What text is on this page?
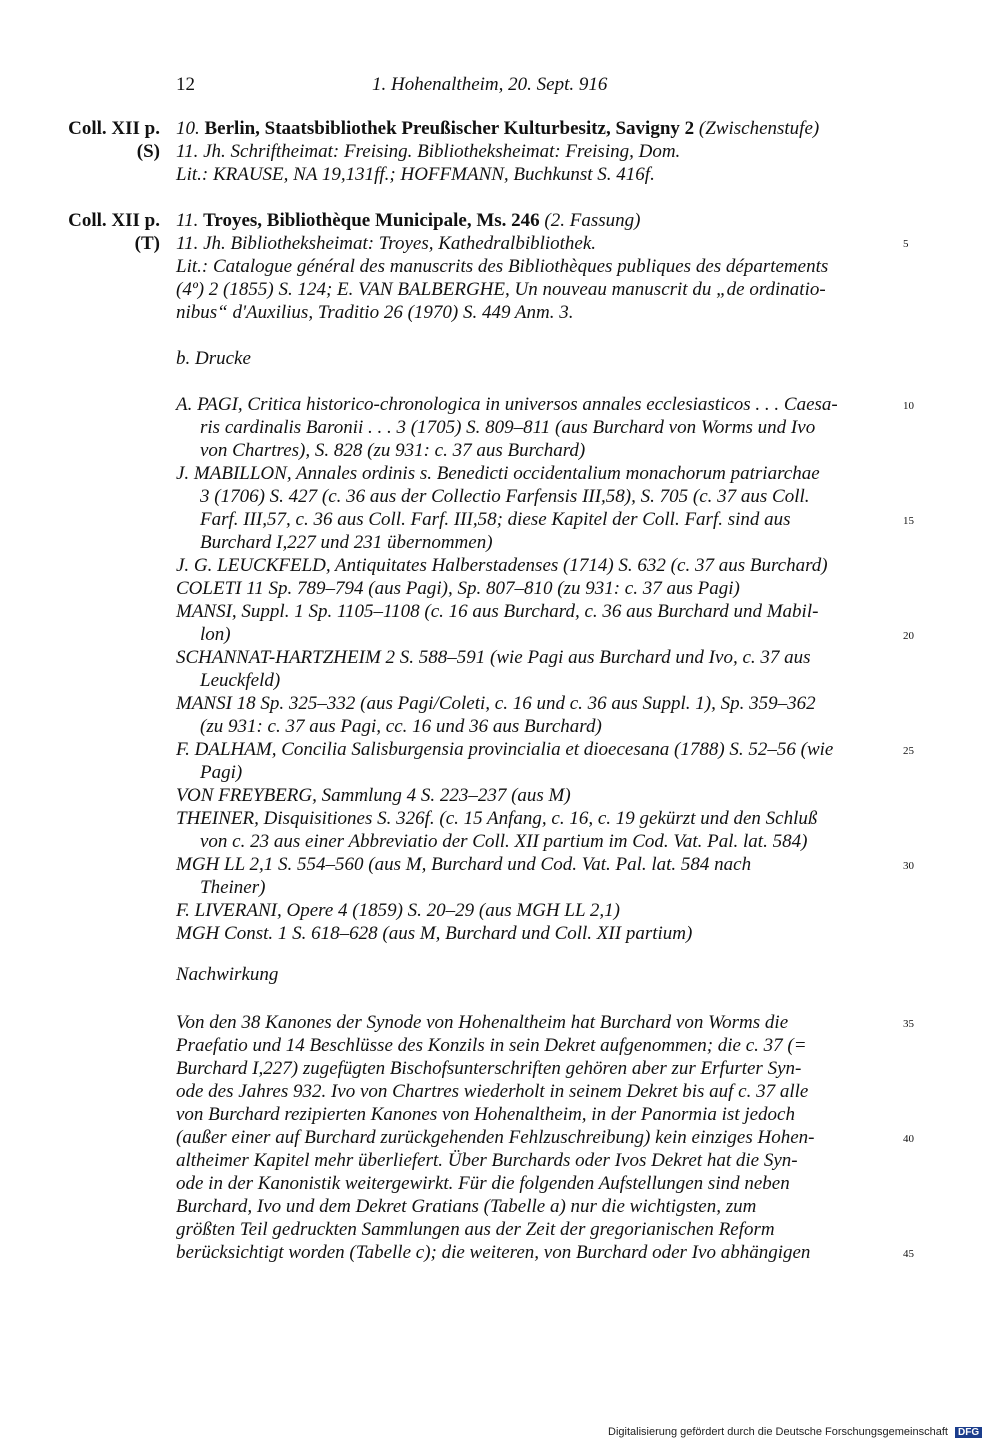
12	1. Hohenaltheim, 20. Sept. 916
Coll. XII p.
(S)
10. Berlin, Staatsbibliothek Preußischer Kulturbesitz, Savigny 2 (Zwischenstufe)
11. Jh. Schriftheimat: Freising. Bibliotheksheimat: Freising, Dom.
Lit.: KRAUSE, NA 19,131ff.; HOFFMANN, Buchkunst S. 416f.
Coll. XII p.
(T)
11. Troyes, Bibliothèque Municipale, Ms. 246 (2. Fassung)
11. Jh. Bibliotheksheimat: Troyes, Kathedralbibliothek.
Lit.: Catalogue général des manuscrits des Bibliothèques publiques des départements
(4º) 2 (1855) S. 124; E. VAN BALBERGHE, Un nouveau manuscrit du „de ordinatio-
nibus“ d'Auxilius, Traditio 26 (1970) S. 449 Anm. 3.
b. Drucke
A. PAGI, Critica historico-chronologica in universos annales ecclesiasticos . . . Caesa-
ris cardinalis Baronii . . . 3 (1705) S. 809–811 (aus Burchard von Worms und Ivo
von Chartres), S. 828 (zu 931: c. 37 aus Burchard)
J. MABILLON, Annales ordinis s. Benedicti occidentalium monachorum patriarchae
3 (1706) S. 427 (c. 36 aus der Collectio Farfensis III,58), S. 705 (c. 37 aus Coll.
Farf. III,57, c. 36 aus Coll. Farf. III,58; diese Kapitel der Coll. Farf. sind aus
Burchard I,227 und 231 übernommen)
J. G. LEUCKFELD, Antiquitates Halberstadenses (1714) S. 632 (c. 37 aus Burchard)
COLETI 11 Sp. 789–794 (aus Pagi), Sp. 807–810 (zu 931: c. 37 aus Pagi)
MANSI, Suppl. 1 Sp. 1105–1108 (c. 16 aus Burchard, c. 36 aus Burchard und Mabil-
lon)
SCHANNAT-HARTZHEIM 2 S. 588–591 (wie Pagi aus Burchard und Ivo, c. 37 aus
Leuckfeld)
MANSI 18 Sp. 325–332 (aus Pagi/Coleti, c. 16 und c. 36 aus Suppl. 1), Sp. 359–362
(zu 931: c. 37 aus Pagi, cc. 16 und 36 aus Burchard)
F. DALHAM, Concilia Salisburgensia provincialia et dioecesana (1788) S. 52–56 (wie
Pagi)
VON FREYBERG, Sammlung 4 S. 223–237 (aus M)
THEINER, Disquisitiones S. 326f. (c. 15 Anfang, c. 16, c. 19 gekürzt und den Schluß
von c. 23 aus einer Abbreviatio der Coll. XII partium im Cod. Vat. Pal. lat. 584)
MGH LL 2,1 S. 554–560 (aus M, Burchard und Cod. Vat. Pal. lat. 584 nach
Theiner)
F. LIVERANI, Opere 4 (1859) S. 20–29 (aus MGH LL 2,1)
MGH Const. 1 S. 618–628 (aus M, Burchard und Coll. XII partium)
Nachwirkung
Von den 38 Kanones der Synode von Hohenaltheim hat Burchard von Worms die
Praefatio und 14 Beschlüsse des Konzils in sein Dekret aufgenommen; die c. 37 (=
Burchard I,227) zugefügten Bischofsunterschriften gehören aber zur Erfurter Syn-
ode des Jahres 932. Ivo von Chartres wiederholt in seinem Dekret bis auf c. 37 alle
von Burchard rezipierten Kanones von Hohenaltheim, in der Panormia ist jedoch
(außer einer auf Burchard zurückgehenden Fehlzuschreibung) kein einziges Hohen-
altheimer Kapitel mehr überliefert. Über Burchards oder Ivos Dekret hat die Syn-
ode in der Kanonistik weitergewirkt. Für die folgenden Aufstellungen sind neben
Burchard, Ivo und dem Dekret Gratians (Tabelle a) nur die wichtigsten, zum
größten Teil gedruckten Sammlungen aus der Zeit der gregorianischen Reform
berücksichtigt worden (Tabelle c); die weiteren, von Burchard oder Ivo abhängigen
5
10
15
20
25
30
35
40
45
Digitalisierung gefördert durch die Deutsche Forschungsgemeinschaft DFG
